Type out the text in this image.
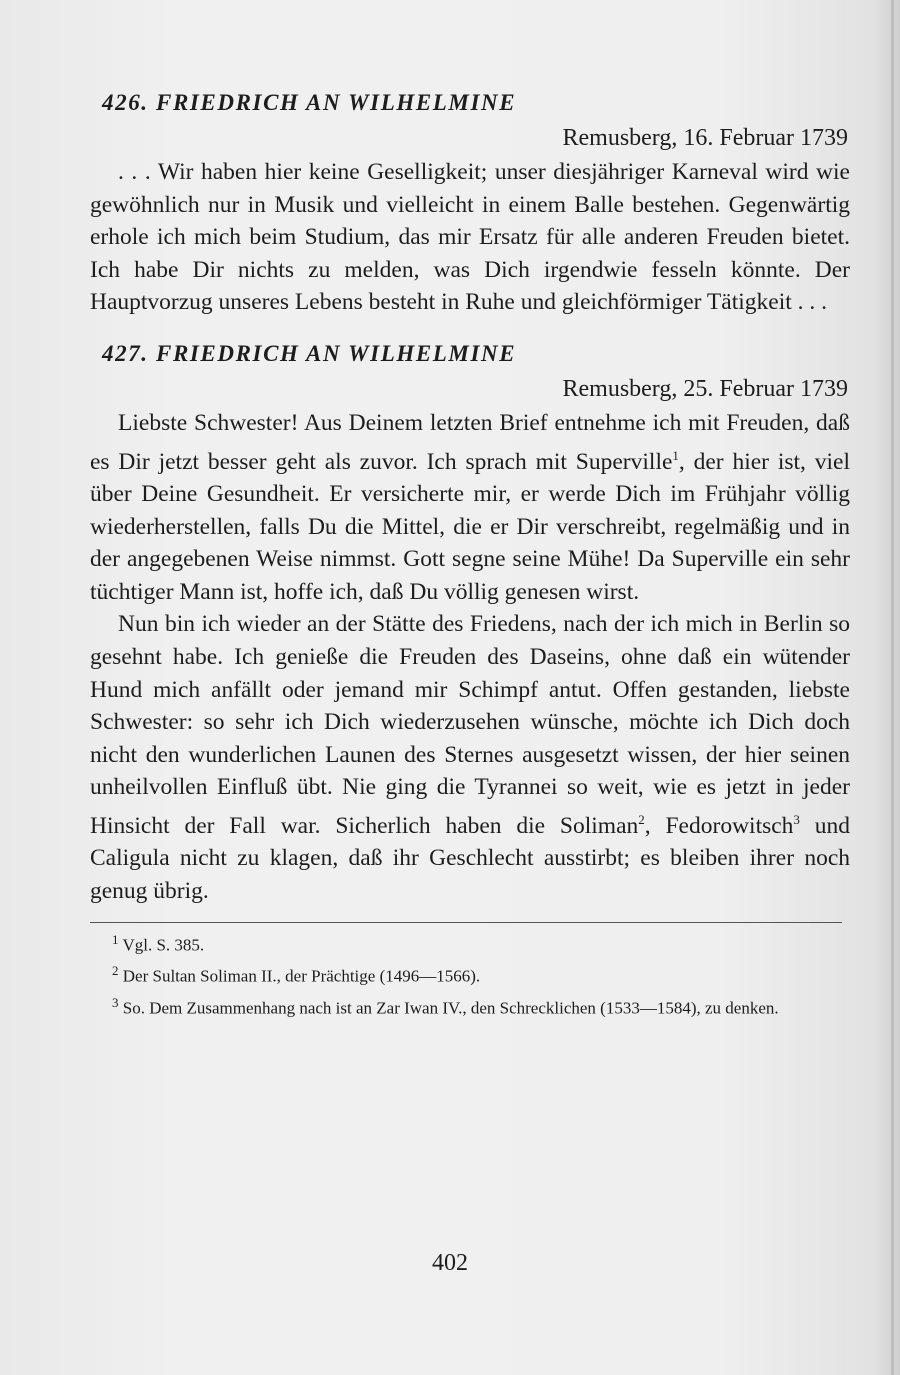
426. FRIEDRICH AN WILHELMINE
Remusberg, 16. Februar 1739

. . . Wir haben hier keine Geselligkeit; unser diesjähriger Karneval wird wie gewöhnlich nur in Musik und vielleicht in einem Balle bestehen. Gegenwärtig erhole ich mich beim Studium, das mir Ersatz für alle anderen Freuden bietet. Ich habe Dir nichts zu melden, was Dich irgendwie fesseln könnte. Der Hauptvorzug unseres Lebens besteht in Ruhe und gleichförmiger Tätigkeit . . .

427. FRIEDRICH AN WILHELMINE
Remusberg, 25. Februar 1739

Liebste Schwester! Aus Deinem letzten Brief entnehme ich mit Freuden, daß es Dir jetzt besser geht als zuvor. Ich sprach mit Superville$^1$, der hier ist, viel über Deine Gesundheit. Er versicherte mir, er werde Dich im Frühjahr völlig wiederherstellen, falls Du die Mittel, die er Dir verschreibt, regelmäßig und in der angegebenen Weise nimmst. Gott segne seine Mühe! Da Superville ein sehr tüchtiger Mann ist, hoffe ich, daß Du völlig genesen wirst.

Nun bin ich wieder an der Stätte des Friedens, nach der ich mich in Berlin so gesehnt habe. Ich genieße die Freuden des Daseins, ohne daß ein wütender Hund mich anfällt oder jemand mir Schimpf antut. Offen gestanden, liebste Schwester: so sehr ich Dich wiederzusehen wünsche, möchte ich Dich doch nicht den wunderlichen Launen des Sternes ausgesetzt wissen, der hier seinen unheilvollen Einfluß übt. Nie ging die Tyrannei so weit, wie es jetzt in jeder Hinsicht der Fall war. Sicherlich haben die Soliman$^2$, Fedorowitsch$^3$ und Caligula nicht zu klagen, daß ihr Geschlecht ausstirbt; es bleiben ihrer noch genug übrig.

$^1$ Vgl. S. 385.

$^2$ Der Sultan Soliman II., der Prächtige (1496—1566).

$^3$ So. Dem Zusammenhang nach ist an Zar Iwan IV., den Schrecklichen (1533—1584), zu denken.

402
